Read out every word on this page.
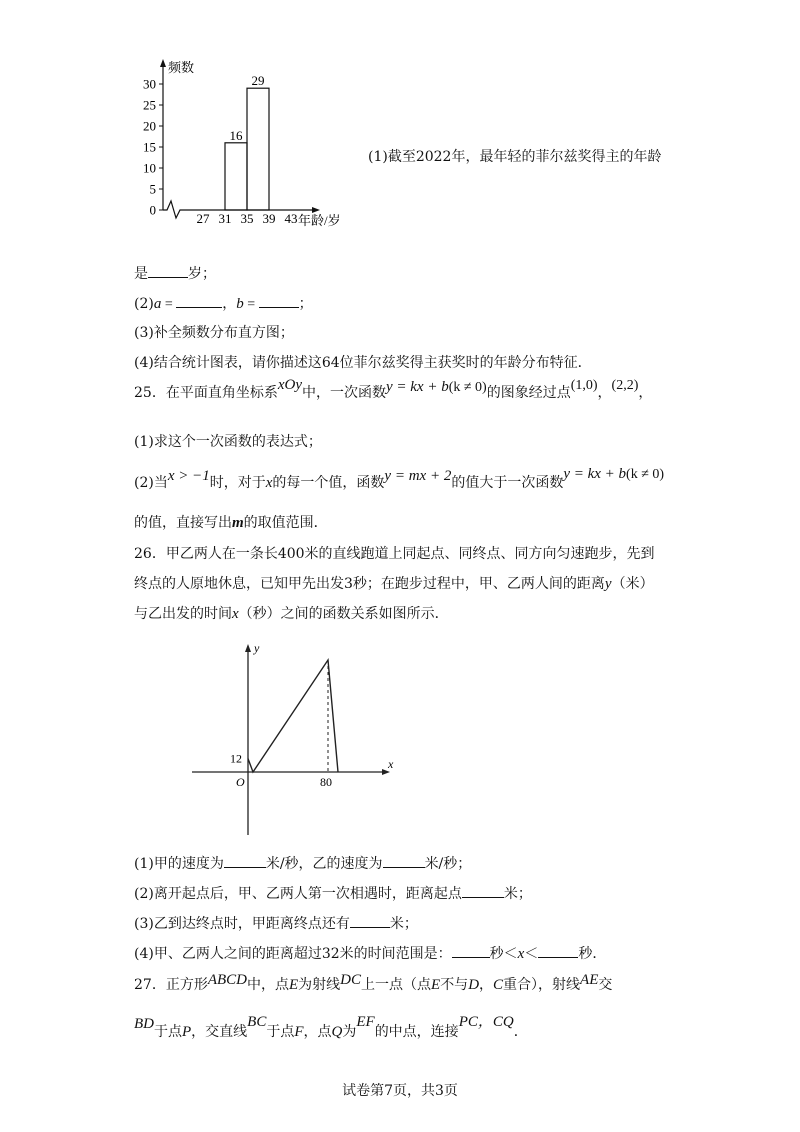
频数
年龄/岁
0
5
10
15
20
25
30
27 31 35 39 43
16
29
(1)截至2022年，最年轻的菲尔兹奖得主的年龄
是	岁；
(2)a =	，b =	；
(3)补全频数分布直方图；
(4)结合统计图表，请你描述这64位菲尔兹奖得主获奖时的年龄分布特征．
25．在平面直角坐标系xOy中，一次函数y = kx + b(k ≠ 0)的图象经过点(1,0)，(2,2)，
(1)求这个一次函数的表达式；
(2)当x > −1时，对于x的每一个值，函数y = mx + 2的值大于一次函数y = kx + b(k ≠ 0)
的值，直接写出m的取值范围．
26．甲乙两人在一条长400米的直线跑道上同起点、同终点、同方向匀速跑步，先到
终点的人原地休息，已知甲先出发3秒；在跑步过程中，甲、乙两人间的距离y（米）
与乙出发的时间x（秒）之间的函数关系如图所示．
y
x
O
12
80
(1)甲的速度为	米/秒，乙的速度为	米/秒；
(2)离开起点后，甲、乙两人第一次相遇时，距离起点	米；
(3)乙到达终点时，甲距离终点还有	米；
(4)甲、乙两人之间的距离超过32米的时间范围是：	秒＜x＜	秒．
27．正方形ABCD中，点E为射线DC上一点（点E不与D，C重合），射线AE交
BD于点P，交直线BC于点F，点Q为EF的中点，连接PC，CQ．
试卷第7页，共3页
